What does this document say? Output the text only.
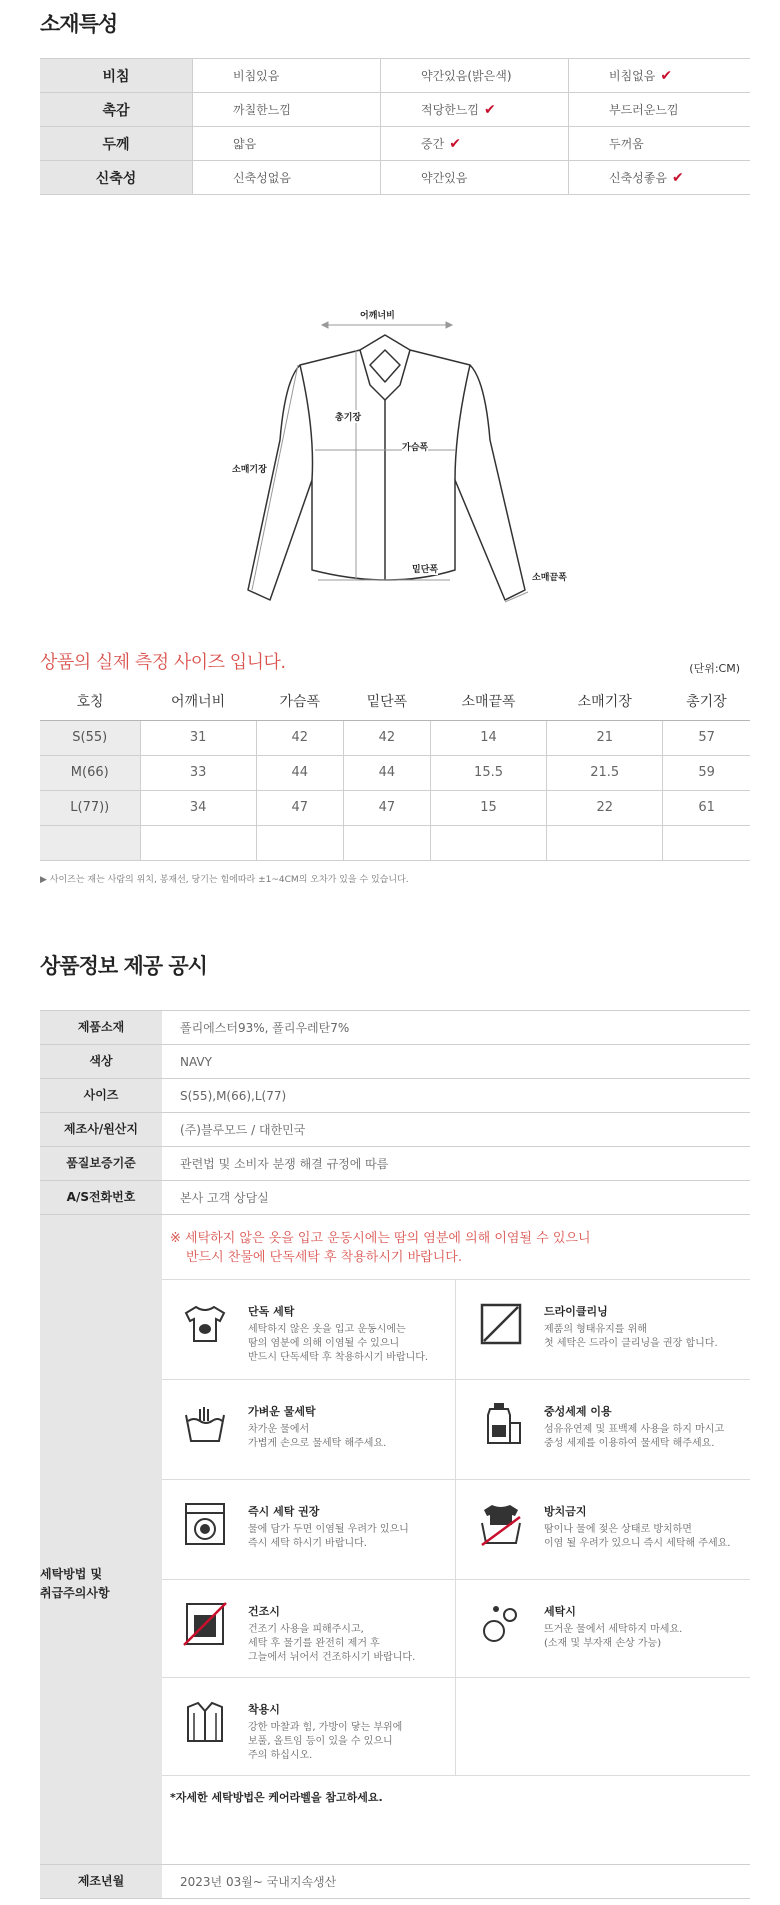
소재특성
비침	비침있음	약간있음(밝은색)	비침없음 ✔
촉감	까칠한느낌	적당한느낌 ✔	부드러운느낌
두께	얇음	중간 ✔	두꺼움
신축성	신축성없음	약간있음	신축성좋음 ✔
어깨너비
총기장
가슴폭
소매기장
밑단폭
소매끝폭
상품의 실제 측정 사이즈 입니다.	(단위:CM)
호칭	어깨너비	가슴폭	밑단폭	소매끝폭	소매기장	총기장
S(55)	31	42	42	14	21	57
M(66)	33	44	44	15.5	21.5	59
L(77))	34	47	47	15	22	61

▶ 사이즈는 재는 사람의 위치, 봉재선, 당기는 힘에따라 ±1~4CM의 오차가 있을 수 있습니다.
상품정보 제공 공시
제품소재	폴리에스터93%, 폴리우레탄7%
색상	NAVY
사이즈	S(55),M(66),L(77)
제조사/원산지	(주)블루모드 / 대한민국
품질보증기준	관련법 및 소비자 분쟁 해결 규정에 따름
A/S전화번호	본사 고객 상담실
세탁방법 및
취급주의사항
※ 세탁하지 않은 옷을 입고 운동시에는 땀의 염분에 의해 이염될 수 있으니
반드시 찬물에 단독세탁 후 착용하시기 바랍니다.
단독 세탁
세탁하지 않은 옷을 입고 운동시에는
땀의 염분에 의해 이염될 수 있으니
반드시 단독세탁 후 착용하시기 바랍니다.
드라이클리닝
제품의 형태유지를 위해
첫 세탁은 드라이 클리닝을 권장 합니다.
가벼운 물세탁
차가운 물에서
가볍게 손으로 물세탁 해주세요.
중성세제 이용
섬유유연제 및 표백제 사용을 하지 마시고
중성 세제를 이용하여 물세탁 해주세요.
즉시 세탁 권장
물에 담가 두면 이염될 우려가 있으니
즉시 세탁 하시기 바랍니다.
방치금지
땀이나 물에 젖은 상태로 방치하면
이염 될 우려가 있으니 즉시 세탁해 주세요.
건조시
건조기 사용을 피해주시고,
세탁 후 물기를 완전히 제거 후
그늘에서 뉘어서 건조하시기 바랍니다.
세탁시
뜨거운 물에서 세탁하지 마세요.
(소재 및 부자재 손상 가능)
착용시
강한 마찰과 힘, 가방이 닿는 부위에
보풀, 올트임 등이 있을 수 있으니
주의 하십시오.
*자세한 세탁방법은 케어라벨을 참고하세요.
제조년월	2023년 03월~ 국내지속생산
